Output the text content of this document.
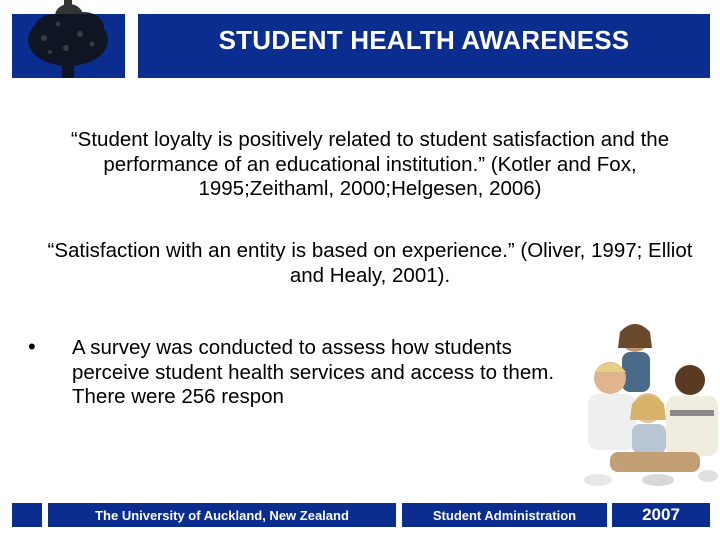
STUDENT HEALTH AWARENESS
“Student loyalty is positively related to student satisfaction and the performance of an educational institution.” (Kotler and Fox, 1995;Zeithaml, 2000;Helgesen, 2006)
“Satisfaction with an entity is based on experience.” (Oliver, 1997; Elliot and Healy, 2001).
• A survey was conducted to assess how students perceive student health services and access to them. There were 256 respon
The University of Auckland, New Zealand	Student Administration	2007
